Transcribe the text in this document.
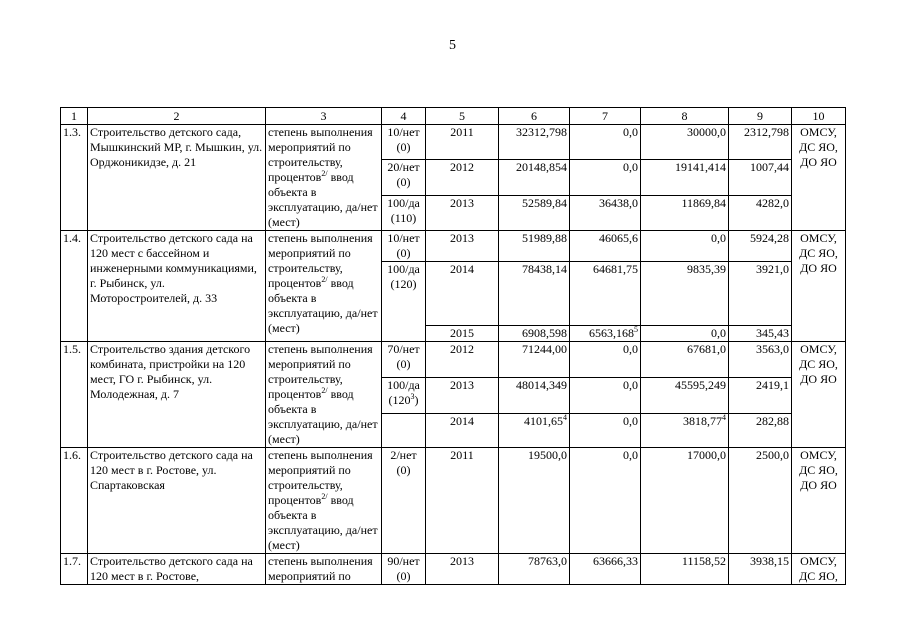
5
1	2	3	4	5	6	7	8	9	10
1.3.	Строительство детского сада, Мышкинский МР, г. Мышкин, ул. Орджоникидзе, д. 21	степень выполнения мероприятий по строительству, процентов$^{2/}$ ввод объекта в эксплуатацию, да/нет (мест)	10/нет (0)	2011	32312,798	0,0	30000,0	2312,798	ОМСУ, ДС ЯО, ДО ЯО
			20/нет (0)	2012	20148,854	0,0	19141,414	1007,44	
			100/да (110)	2013	52589,84	36438,0	11869,84	4282,0	
1.4.	Строительство детского сада на 120 мест с бассейном и инженерными коммуникациями, г. Рыбинск, ул. Моторостроителей, д. 33	степень выполнения мероприятий по строительству, процентов$^{2/}$ ввод объекта в эксплуатацию, да/нет (мест)	10/нет (0)	2013	51989,88	46065,6	0,0	5924,28	ОМСУ, ДС ЯО, ДО ЯО
			100/да (120)	2014	78438,14	64681,75	9835,39	3921,0	
				2015	6908,598	6563,168$^5$	0,0	345,43	
1.5.	Строительство здания детского комбината, пристройки на 120 мест, ГО г. Рыбинск, ул. Молодежная, д. 7	степень выполнения мероприятий по строительству, процентов$^{2/}$ ввод объекта в эксплуатацию, да/нет (мест)	70/нет (0)	2012	71244,00	0,0	67681,0	3563,0	ОМСУ, ДС ЯО, ДО ЯО
			100/да $(120^3)$	2013	48014,349	0,0	45595,249	2419,1	
				2014	4101,65$^4$	0,0	3818,77$^4$	282,88	
1.6.	Строительство детского сада на 120 мест в г. Ростове, ул. Спартаковская	степень выполнения мероприятий по строительству, процентов$^{2/}$ ввод объекта в эксплуатацию, да/нет (мест)	2/нет (0)	2011	19500,0	0,0	17000,0	2500,0	ОМСУ, ДС ЯО, ДО ЯО
1.7.	Строительство детского сада на 120 мест в г. Ростове,	степень выполнения мероприятий по	90/нет (0)	2013	78763,0	63666,33	11158,52	3938,15	ОМСУ, ДС ЯО,
